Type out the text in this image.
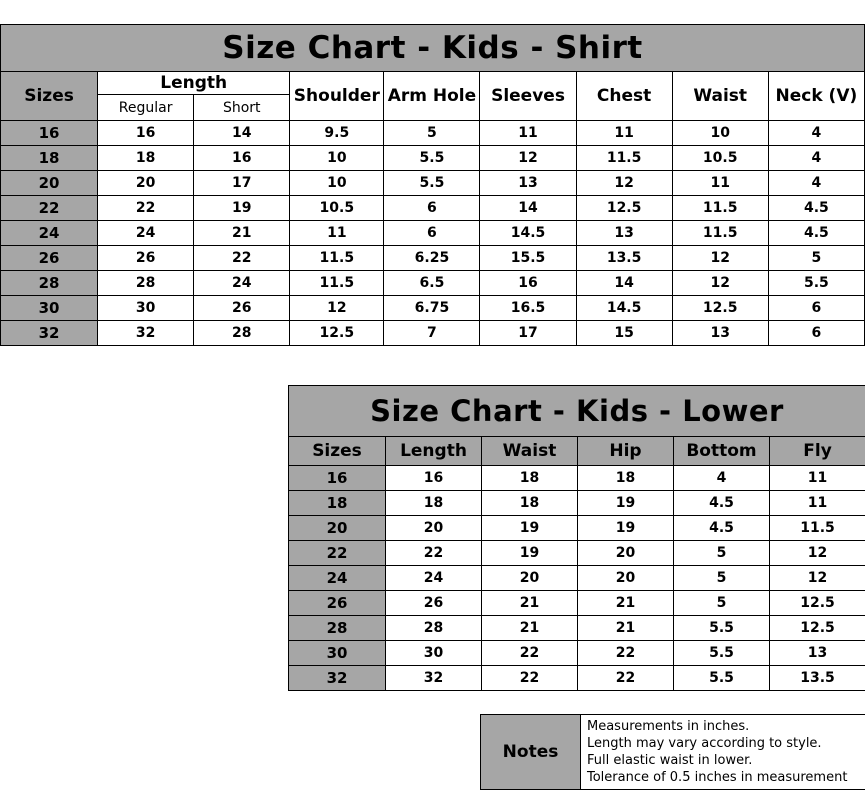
Size Chart - Kids - Shirt								
Sizes	Length		Shoulder	Arm Hole	Sleeves	Chest	Waist	Neck (V)
	Regular	Short						
16	16	14	9.5	5	11	11	10	4
18	18	16	10	5.5	12	11.5	10.5	4
20	20	17	10	5.5	13	12	11	4
22	22	19	10.5	6	14	12.5	11.5	4.5
24	24	21	11	6	14.5	13	11.5	4.5
26	26	22	11.5	6.25	15.5	13.5	12	5
28	28	24	11.5	6.5	16	14	12	5.5
30	30	26	12	6.75	16.5	14.5	12.5	6
32	32	28	12.5	7	17	15	13	6
Size Chart - Kids - Lower					
Sizes	Length	Waist	Hip	Bottom	Fly
16	16	18	18	4	11
18	18	18	19	4.5	11
20	20	19	19	4.5	11.5
22	22	19	20	5	12
24	24	20	20	5	12
26	26	21	21	5	12.5
28	28	21	21	5.5	12.5
30	30	22	22	5.5	13
32	32	22	22	5.5	13.5
Notes	
Measurements in inches.
Length may vary according to style.
Full elastic waist in lower.
Tolerance of 0.5 inches in measurement
